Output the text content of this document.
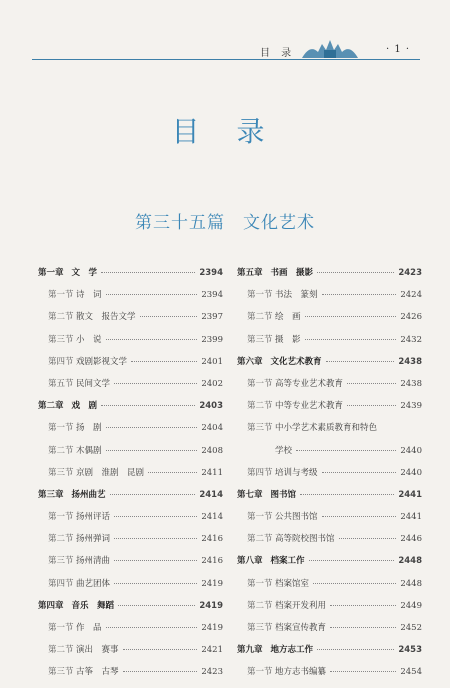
目 录	· 1 ·
目 录
第三十五篇 文化艺术
第一章 文　学	2394
第一节 诗　词	2394
第二节 散文　报告文学	2397
第三节 小　说	2399
第四节 戏剧影视文学	2401
第五节 民间文学	2402
第二章 戏　剧	2403
第一节 扬　剧	2404
第二节 木偶剧	2408
第三节 京剧　淮剧　昆剧	2411
第三章 扬州曲艺	2414
第一节 扬州评话	2414
第二节 扬州弹词	2416
第三节 扬州清曲	2416
第四节 曲艺团体	2419
第四章 音乐　舞蹈	2419
第一节 作　品	2419
第二节 演出　赛事	2421
第三节 古筝　古琴	2423
第五章 书画　摄影	2423
第一节 书法　篆刻	2424
第二节 绘　画	2426
第三节 摄　影	2432
第六章 文化艺术教育	2438
第一节 高等专业艺术教育	2438
第二节 中等专业艺术教育	2439
第三节 中小学艺术素质教育和特色
学校	2440
第四节 培训与考级	2440
第七章 图书馆	2441
第一节 公共图书馆	2441
第二节 高等院校图书馆	2446
第八章 档案工作	2448
第一节 档案馆室	2448
第二节 档案开发利用	2449
第三节 档案宣传教育	2452
第九章 地方志工作	2453
第一节 地方志书编纂	2454
